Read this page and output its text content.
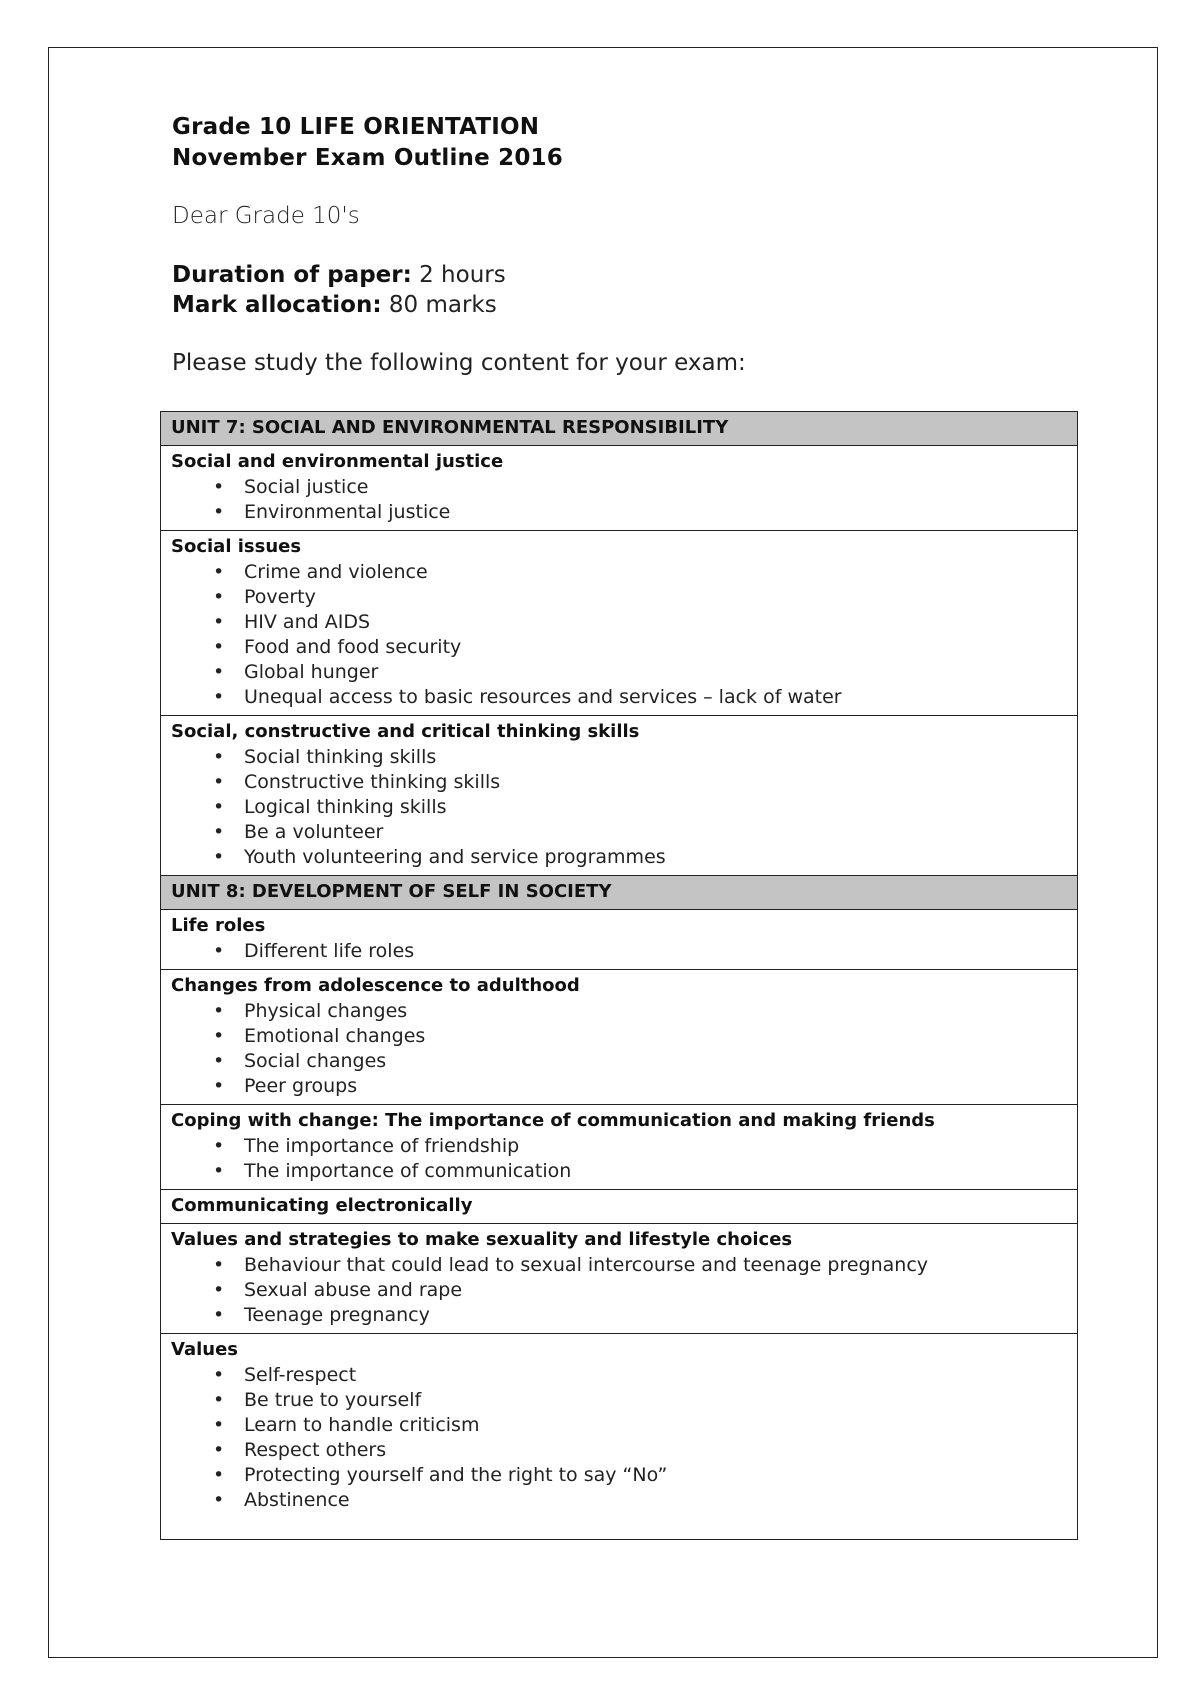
Grade 10 LIFE ORIENTATION

November Exam Outline 2016

Dear Grade 10's

Duration of paper: 2 hours

Mark allocation: 80 marks

Please study the following content for your exam:

UNIT 7: SOCIAL AND ENVIRONMENTAL RESPONSIBILITY

Social and environmental justice

• Social justice
• Environmental justice

Social issues

• Crime and violence
• Poverty
• HIV and AIDS
• Food and food security
• Global hunger
• Unequal access to basic resources and services – lack of water

Social, constructive and critical thinking skills

• Social thinking skills
• Constructive thinking skills
• Logical thinking skills
• Be a volunteer
• Youth volunteering and service programmes

UNIT 8: DEVELOPMENT OF SELF IN SOCIETY

Life roles

• Different life roles

Changes from adolescence to adulthood

• Physical changes
• Emotional changes
• Social changes
• Peer groups

Coping with change: The importance of communication and making friends

• The importance of friendship
• The importance of communication

Communicating electronically

Values and strategies to make sexuality and lifestyle choices

• Behaviour that could lead to sexual intercourse and teenage pregnancy
• Sexual abuse and rape
• Teenage pregnancy

Values

• Self-respect
• Be true to yourself
• Learn to handle criticism
• Respect others
• Protecting yourself and the right to say “No”
• Abstinence
